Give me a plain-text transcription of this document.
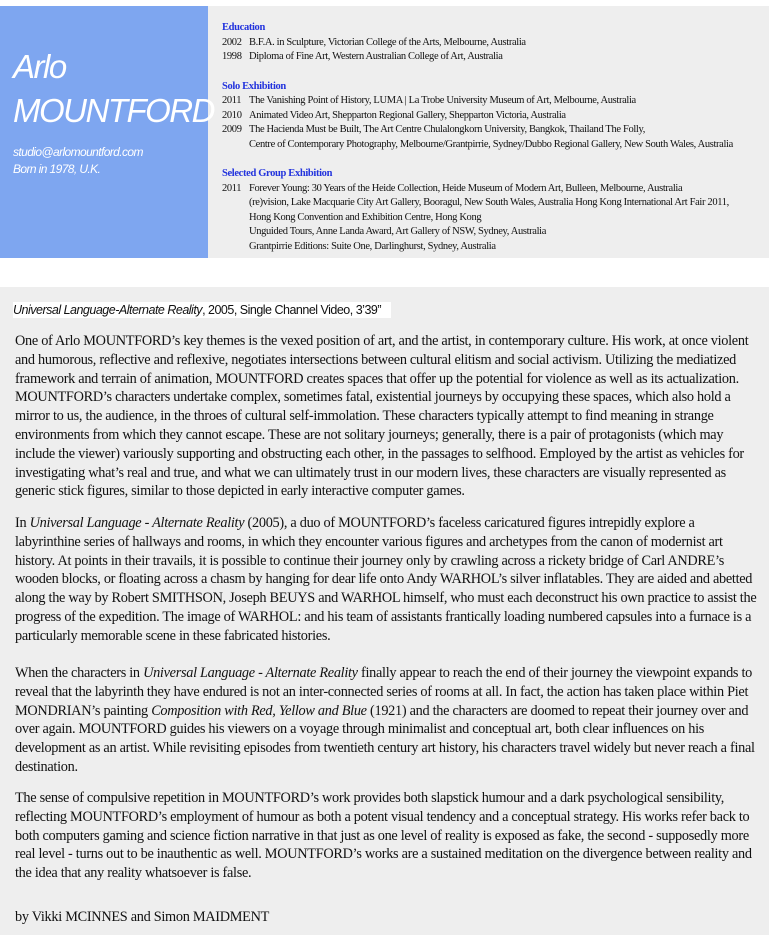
Arlo
MOUNTFORD
studio@arlomountford.com
Born in 1978, U.K.
Education
2002 B.F.A. in Sculpture, Victorian College of the Arts, Melbourne, Australia
1998 Diploma of Fine Art, Western Australian College of Art, Australia
Solo Exhibition
2011 The Vanishing Point of History, LUMA | La Trobe University Museum of Art, Melbourne, Australia
2010 Animated Video Art, Shepparton Regional Gallery, Shepparton Victoria, Australia
2009 The Hacienda Must be Built, The Art Centre Chulalongkorn University, Bangkok, Thailand The Folly,
Centre of Contemporary Photography, Melbourne/Grantpirrie, Sydney/Dubbo Regional Gallery, New South Wales, Australia
Selected Group Exhibition
2011 Forever Young: 30 Years of the Heide Collection, Heide Museum of Modern Art, Bulleen, Melbourne, Australia
(re)vision, Lake Macquarie City Art Gallery, Booragul, New South Wales, Australia Hong Kong International Art Fair 2011,
Hong Kong Convention and Exhibition Centre, Hong Kong
Unguided Tours, Anne Landa Award, Art Gallery of NSW, Sydney, Australia
Grantpirrie Editions: Suite One, Darlinghurst, Sydney, Australia
Universal Language-Alternate Reality, 2005, Single Channel Video, 3’39”

One of Arlo MOUNTFORD’s key themes is the vexed position of art, and the artist, in contemporary culture. His work, at once violent and humorous, reflective and reflexive, negotiates intersections between cultural elitism and social activism. Utilizing the mediatized framework and terrain of animation, MOUNTFORD creates spaces that offer up the potential for violence as well as its actualization. MOUNTFORD’s characters undertake complex, sometimes fatal, existential journeys by occupying these spaces, which also hold a mirror to us, the audience, in the throes of cultural self-immolation. These characters typically attempt to find meaning in strange environments from which they cannot escape. These are not solitary journeys; generally, there is a pair of protagonists (which may include the viewer) variously supporting and obstructing each other, in the passages to selfhood. Employed by the artist as vehicles for investigating what’s real and true, and what we can ultimately trust in our modern lives, these characters are visually represented as generic stick figures, similar to those depicted in early interactive computer games.

In Universal Language - Alternate Reality (2005), a duo of MOUNTFORD’s faceless caricatured figures intrepidly explore a labyrinthine series of hallways and rooms, in which they encounter various figures and archetypes from the canon of modernist art history. At points in their travails, it is possible to continue their journey only by crawling across a rickety bridge of Carl ANDRE’s wooden blocks, or floating across a chasm by hanging for dear life onto Andy WARHOL’s silver inflatables. They are aided and abetted along the way by Robert SMITHSON, Joseph BEUYS and WARHOL himself, who must each deconstruct his own practice to assist the progress of the expedition. The image of WARHOL: and his team of assistants frantically loading numbered capsules into a furnace is a particularly memorable scene in these fabricated histories.

When the characters in Universal Language - Alternate Reality finally appear to reach the end of their journey the viewpoint expands to reveal that the labyrinth they have endured is not an inter-connected series of rooms at all. In fact, the action has taken place within Piet MONDRIAN’s painting Composition with Red, Yellow and Blue (1921) and the characters are doomed to repeat their journey over and over again. MOUNTFORD guides his viewers on a voyage through minimalist and conceptual art, both clear influences on his development as an artist. While revisiting episodes from twentieth century art history, his characters travel widely but never reach a final destination.

The sense of compulsive repetition in MOUNTFORD’s work provides both slapstick humour and a dark psychological sensibility, reflecting MOUNTFORD’s employment of humour as both a potent visual tendency and a conceptual strategy. His works refer back to both computers gaming and science fiction narrative in that just as one level of reality is exposed as fake, the second - supposedly more real level - turns out to be inauthentic as well. MOUNTFORD’s works are a sustained meditation on the divergence between reality and the idea that any reality whatsoever is false.

by Vikki MCINNES and Simon MAIDMENT
